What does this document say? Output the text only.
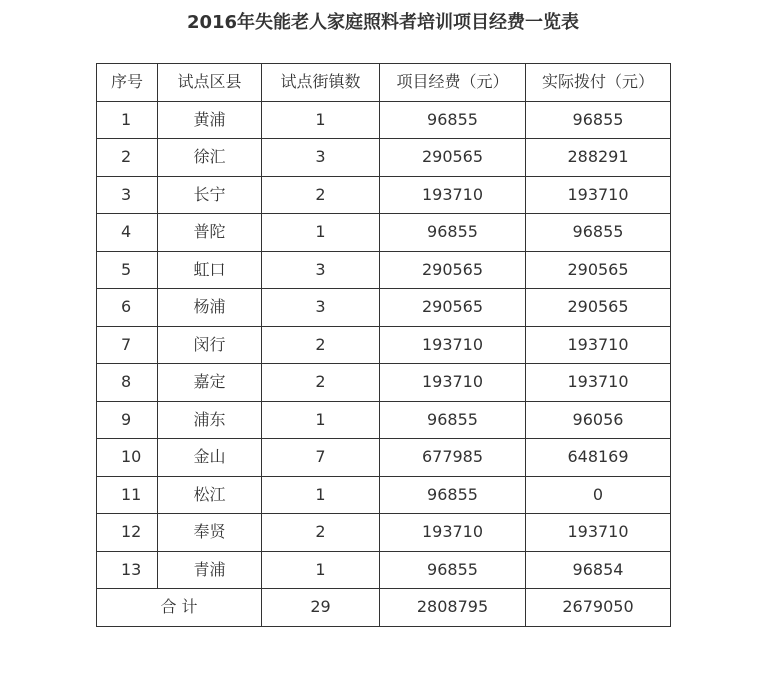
2016年失能老人家庭照料者培训项目经费一览表
序号	试点区县	试点街镇数	项目经费（元）	实际拨付（元）
1	黄浦	1	96855	96855
2	徐汇	3	290565	288291
3	长宁	2	193710	193710
4	普陀	1	96855	96855
5	虹口	3	290565	290565
6	杨浦	3	290565	290565
7	闵行	2	193710	193710
8	嘉定	2	193710	193710
9	浦东	1	96855	96056
10	金山	7	677985	648169
11	松江	1	96855	0
12	奉贤	2	193710	193710
13	青浦	1	96855	96854
合 计		29	2808795	2679050
